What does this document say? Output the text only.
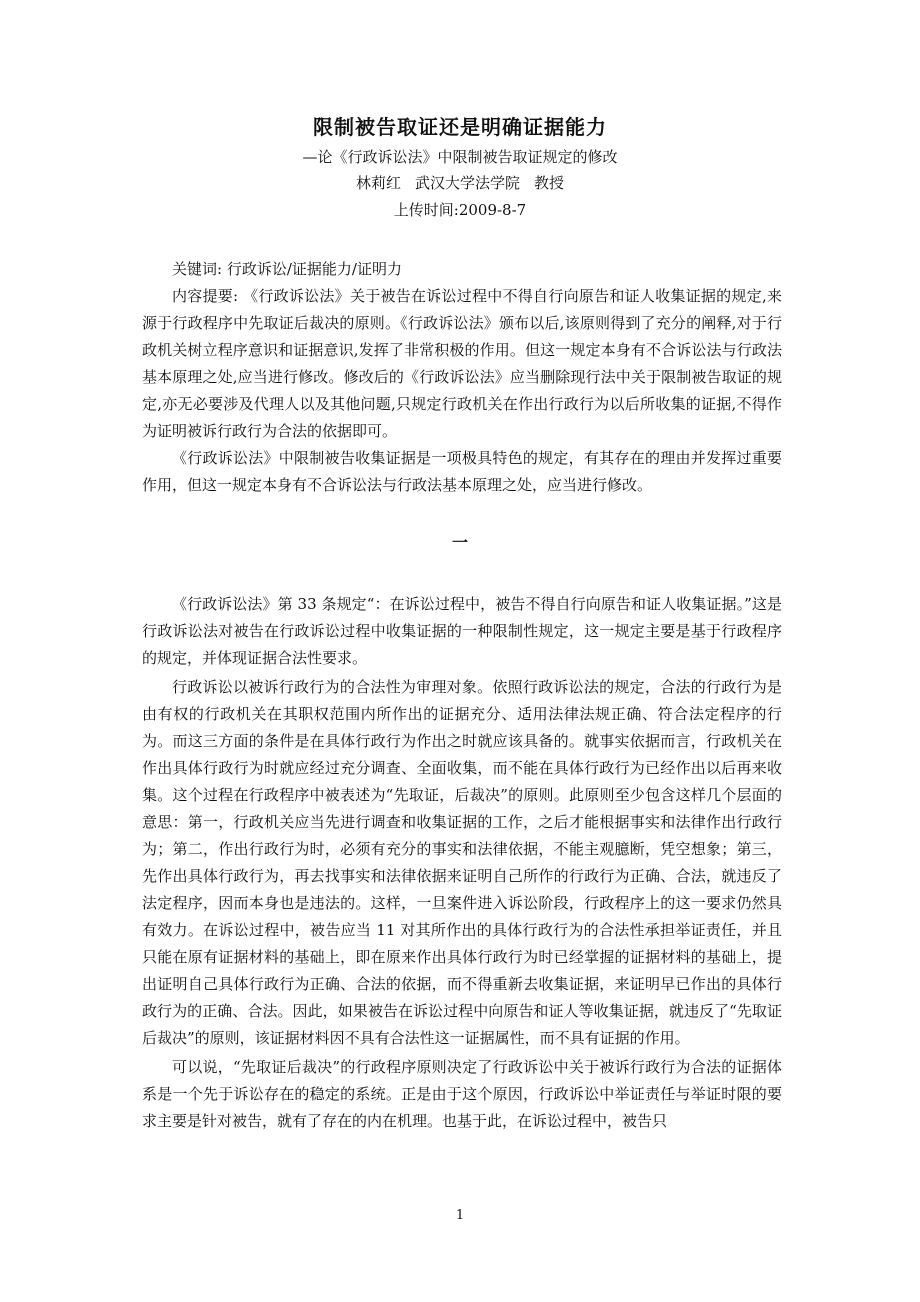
限制被告取证还是明确证据能力
—论《行政诉讼法》中限制被告取证规定的修改
林莉红 武汉大学法学院 教授
上传时间:2009-8-7

关键词: 行政诉讼/证据能力/证明力

内容提要: 《行政诉讼法》关于被告在诉讼过程中不得自行向原告和证人收集证据的规定,来源于行政程序中先取证后裁决的原则。《行政诉讼法》颁布以后,该原则得到了充分的阐释,对于行政机关树立程序意识和证据意识,发挥了非常积极的作用。但这一规定本身有不合诉讼法与行政法基本原理之处,应当进行修改。修改后的《行政诉讼法》应当删除现行法中关于限制被告取证的规定,亦无必要涉及代理人以及其他问题,只规定行政机关在作出行政行为以后所收集的证据,不得作为证明被诉行政行为合法的依据即可。

《行政诉讼法》中限制被告收集证据是一项极具特色的规定，有其存在的理由并发挥过重要作用，但这一规定本身有不合诉讼法与行政法基本原理之处，应当进行修改。

一

《行政诉讼法》第 33 条规定“：在诉讼过程中，被告不得自行向原告和证人收集证据。”这是行政诉讼法对被告在行政诉讼过程中收集证据的一种限制性规定，这一规定主要是基于行政程序的规定，并体现证据合法性要求。

行政诉讼以被诉行政行为的合法性为审理对象。依照行政诉讼法的规定，合法的行政行为是由有权的行政机关在其职权范围内所作出的证据充分、适用法律法规正确、符合法定程序的行为。而这三方面的条件是在具体行政行为作出之时就应该具备的。就事实依据而言，行政机关在作出具体行政行为时就应经过充分调查、全面收集，而不能在具体行政行为已经作出以后再来收集。这个过程在行政程序中被表述为“先取证，后裁决”的原则。此原则至少包含这样几个层面的意思：第一，行政机关应当先进行调查和收集证据的工作，之后才能根据事实和法律作出行政行为；第二，作出行政行为时，必须有充分的事实和法律依据，不能主观臆断，凭空想象；第三，先作出具体行政行为，再去找事实和法律依据来证明自己所作的行政行为正确、合法，就违反了法定程序，因而本身也是违法的。这样，一旦案件进入诉讼阶段，行政程序上的这一要求仍然具有效力。在诉讼过程中，被告应当 11 对其所作出的具体行政行为的合法性承担举证责任，并且只能在原有证据材料的基础上，即在原来作出具体行政行为时已经掌握的证据材料的基础上，提出证明自己具体行政行为正确、合法的依据，而不得重新去收集证据，来证明早已作出的具体行政行为的正确、合法。因此，如果被告在诉讼过程中向原告和证人等收集证据，就违反了“先取证后裁决”的原则，该证据材料因不具有合法性这一证据属性，而不具有证据的作用。

可以说，“先取证后裁决”的行政程序原则决定了行政诉讼中关于被诉行政行为合法的证据体系是一个先于诉讼存在的稳定的系统。正是由于这个原因，行政诉讼中举证责任与举证时限的要求主要是针对被告，就有了存在的内在机理。也基于此，在诉讼过程中，被告只

1
